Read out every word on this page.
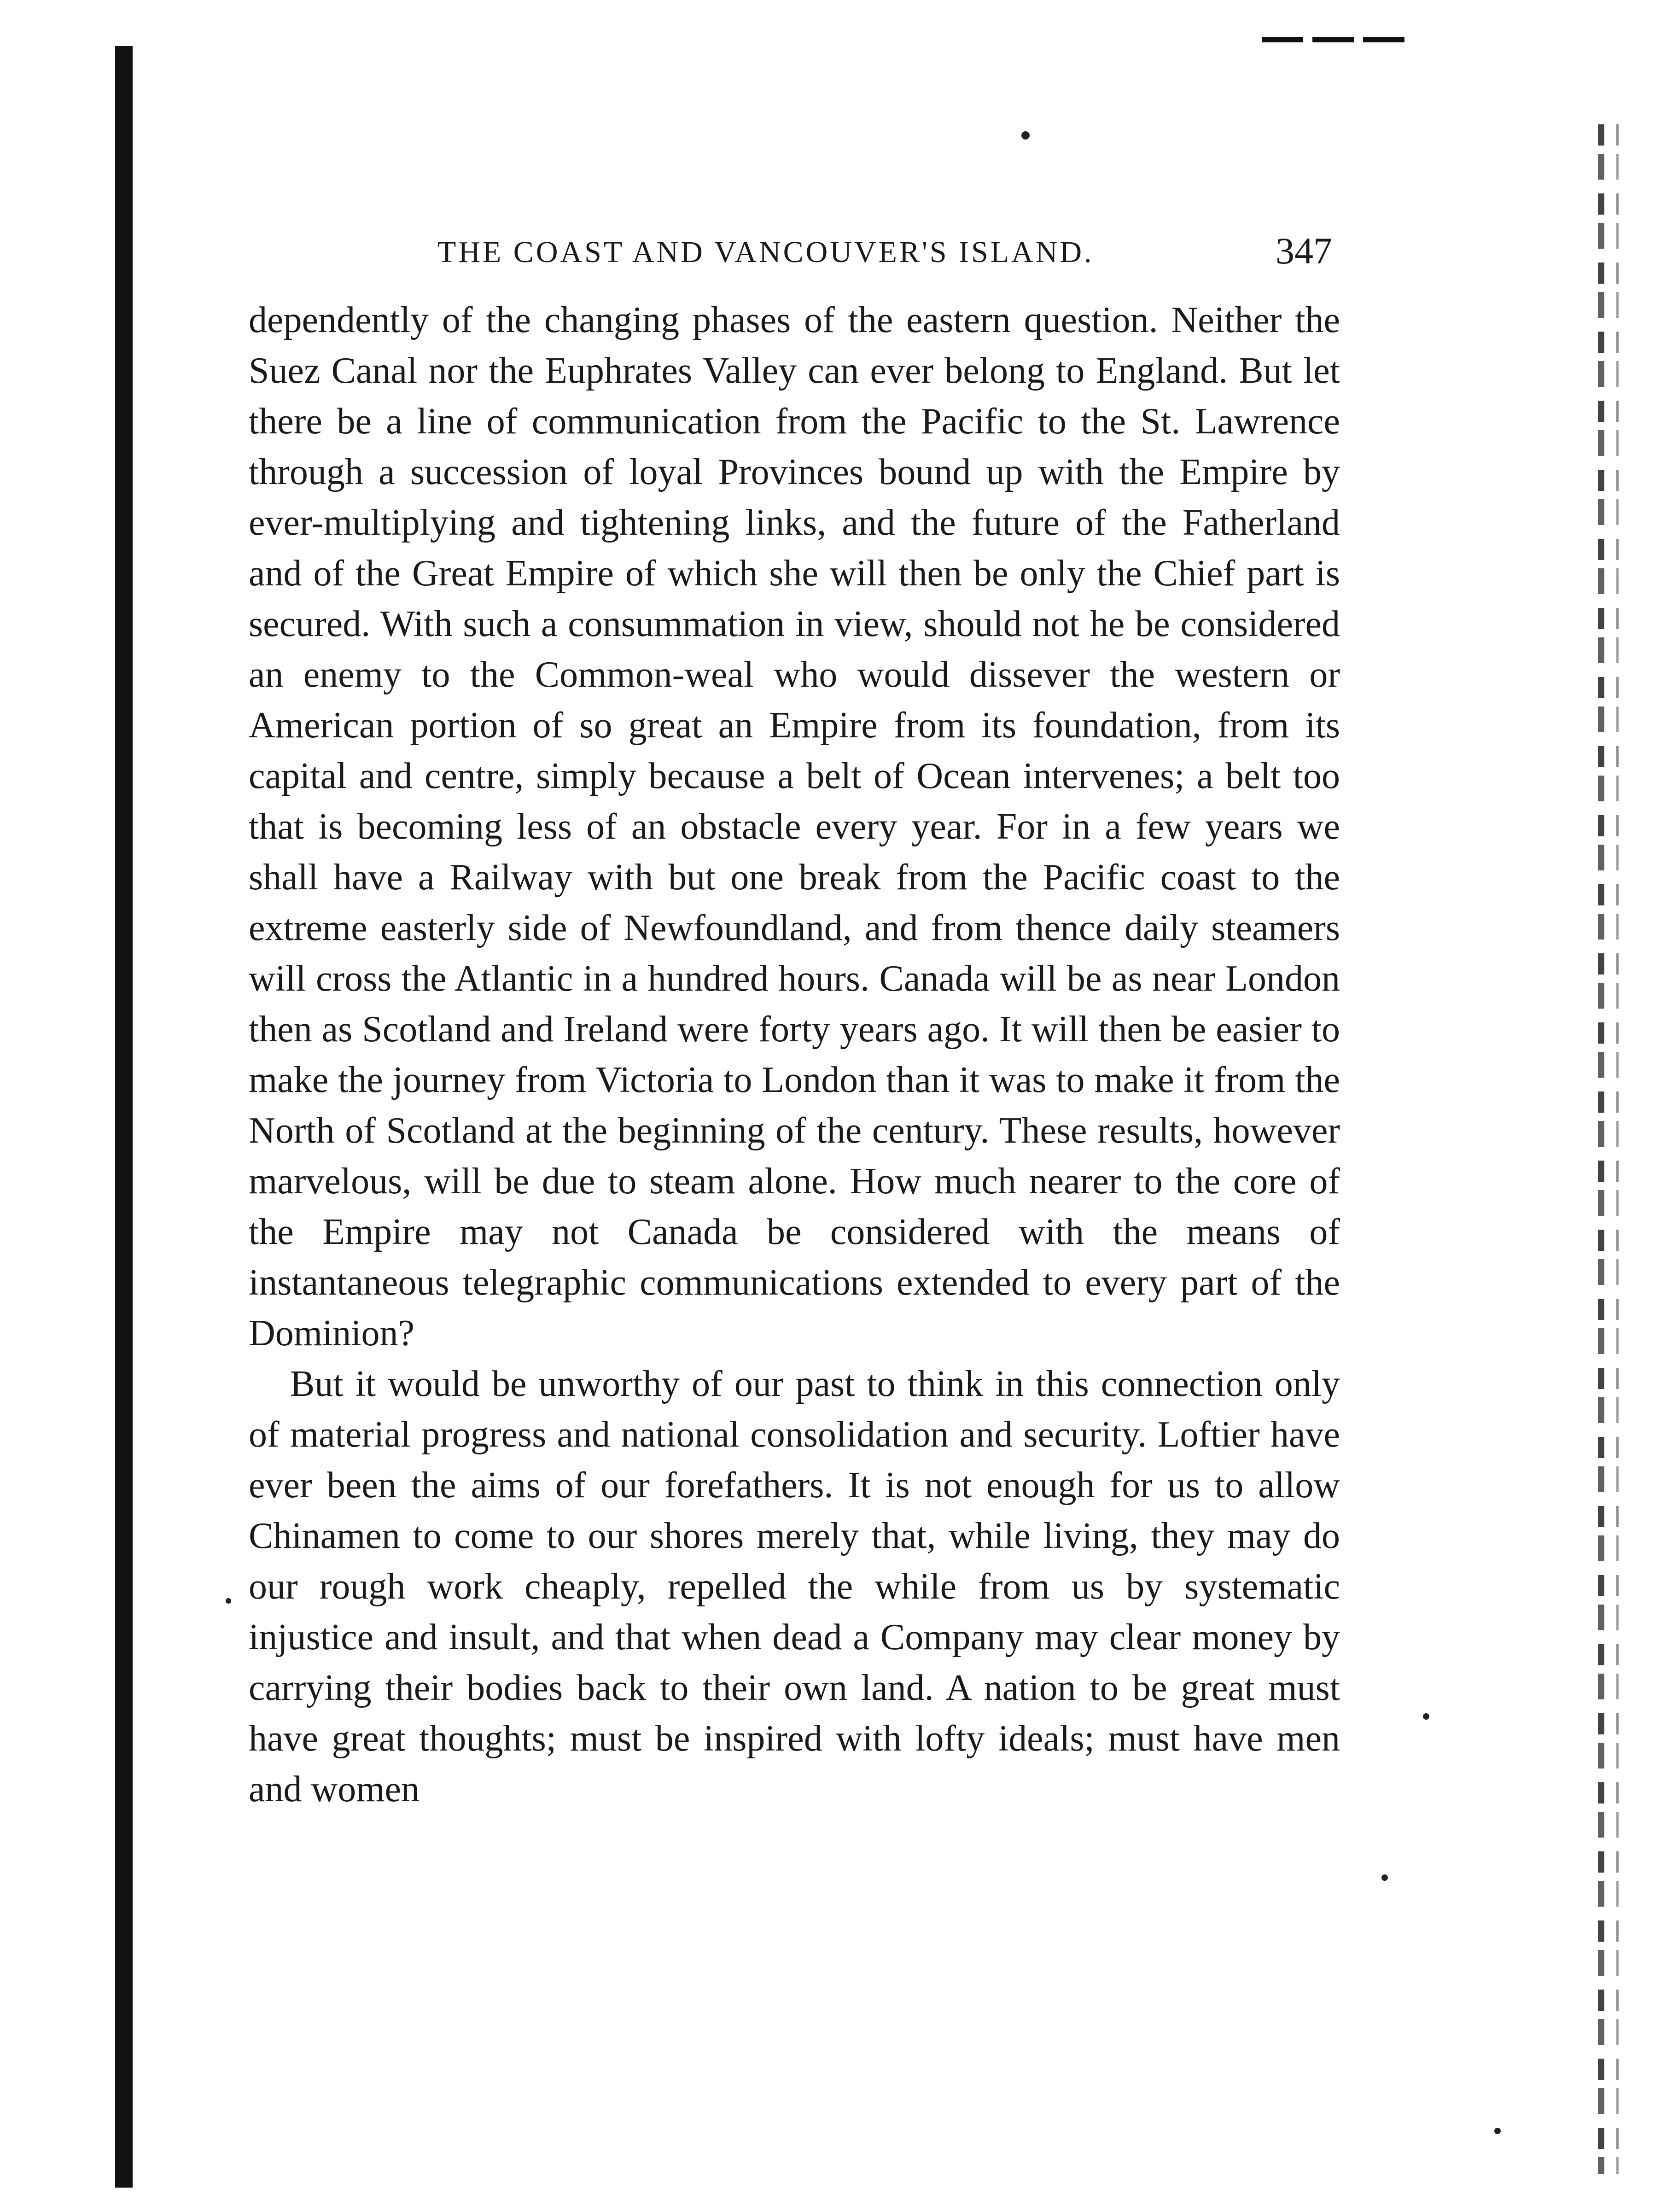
THE COAST AND VANCOUVER'S ISLAND.	347

dependently of the changing phases of the eastern question. Neither the Suez Canal nor the Euphrates Valley can ever belong to England. But let there be a line of communication from the Pacific to the St. Lawrence through a succession of loyal Provinces bound up with the Empire by ever-multiplying and tightening links, and the future of the Fatherland and of the Great Empire of which she will then be only the Chief part is secured. With such a consummation in view, should not he be considered an enemy to the Common-weal who would dissever the western or American portion of so great an Empire from its foundation, from its capital and centre, simply because a belt of Ocean intervenes; a belt too that is becoming less of an obstacle every year. For in a few years we shall have a Railway with but one break from the Pacific coast to the extreme easterly side of Newfoundland, and from thence daily steamers will cross the Atlantic in a hundred hours. Canada will be as near London then as Scotland and Ireland were forty years ago. It will then be easier to make the journey from Victoria to London than it was to make it from the North of Scotland at the beginning of the century. These results, however marvelous, will be due to steam alone. How much nearer to the core of the Empire may not Canada be considered with the means of instantaneous telegraphic communications extended to every part of the Dominion?

But it would be unworthy of our past to think in this connection only of material progress and national consolidation and security. Loftier have ever been the aims of our forefathers. It is not enough for us to allow Chinamen to come to our shores merely that, while living, they may do our rough work cheaply, repelled the while from us by systematic injustice and insult, and that when dead a Company may clear money by carrying their bodies back to their own land. A nation to be great must have great thoughts; must be inspired with lofty ideals; must have men and women
